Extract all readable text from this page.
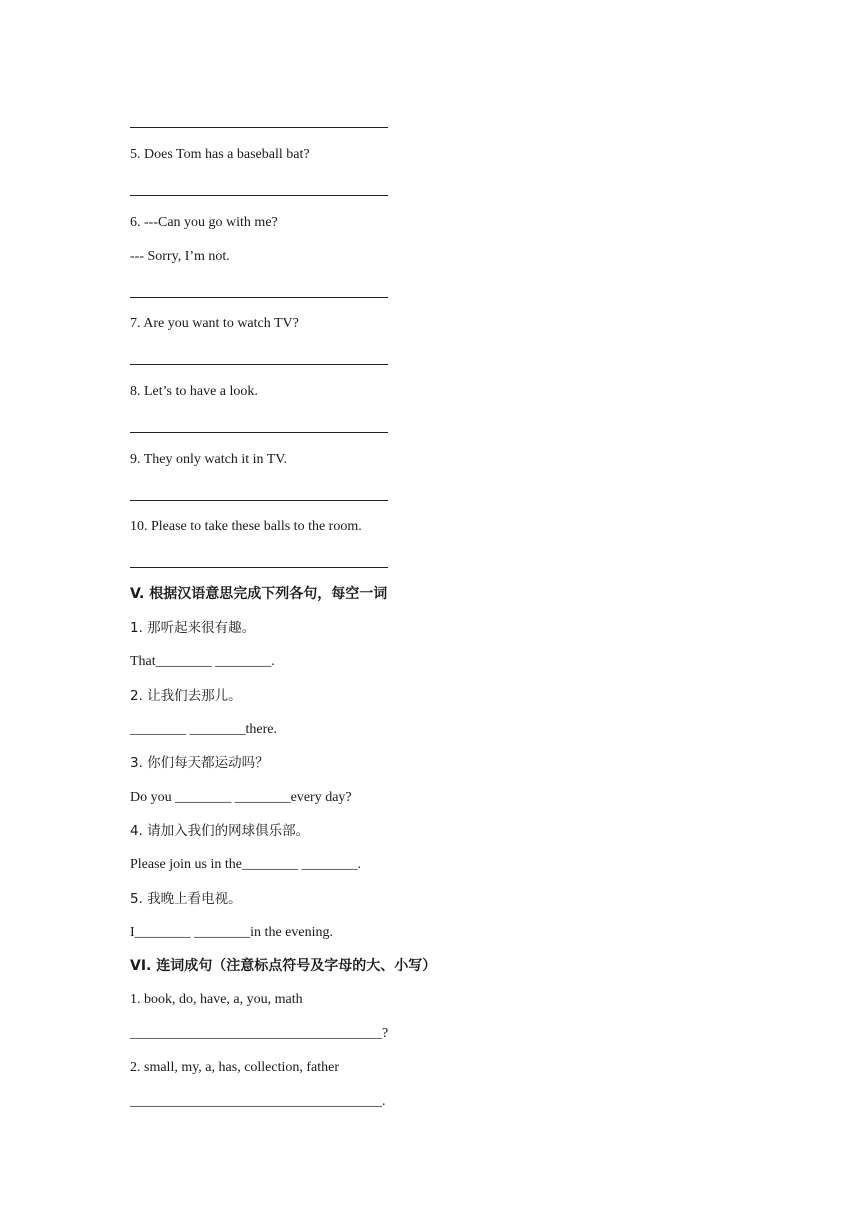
5. Does Tom has a baseball bat?
6. ---Can you go with me?
--- Sorry, I’m not.
7. Are you want to watch TV?
8. Let’s to have a look.
9. They only watch it in TV.
10. Please to take these balls to the room.
V. 根据汉语意思完成下列各句，每空一词
1. 那听起来很有趣。
That________ ________.
2. 让我们去那儿。
________ ________there.
3. 你们每天都运动吗？
Do you ________ ________every day?
4. 请加入我们的网球俱乐部。
Please join us in the________ ________.
5. 我晚上看电视。
I________ ________in the evening.
VI. 连词成句（注意标点符号及字母的大、小写）
1. book, do, have, a, you, math
____________________________________?
2. small, my, a, has, collection, father
____________________________________.
